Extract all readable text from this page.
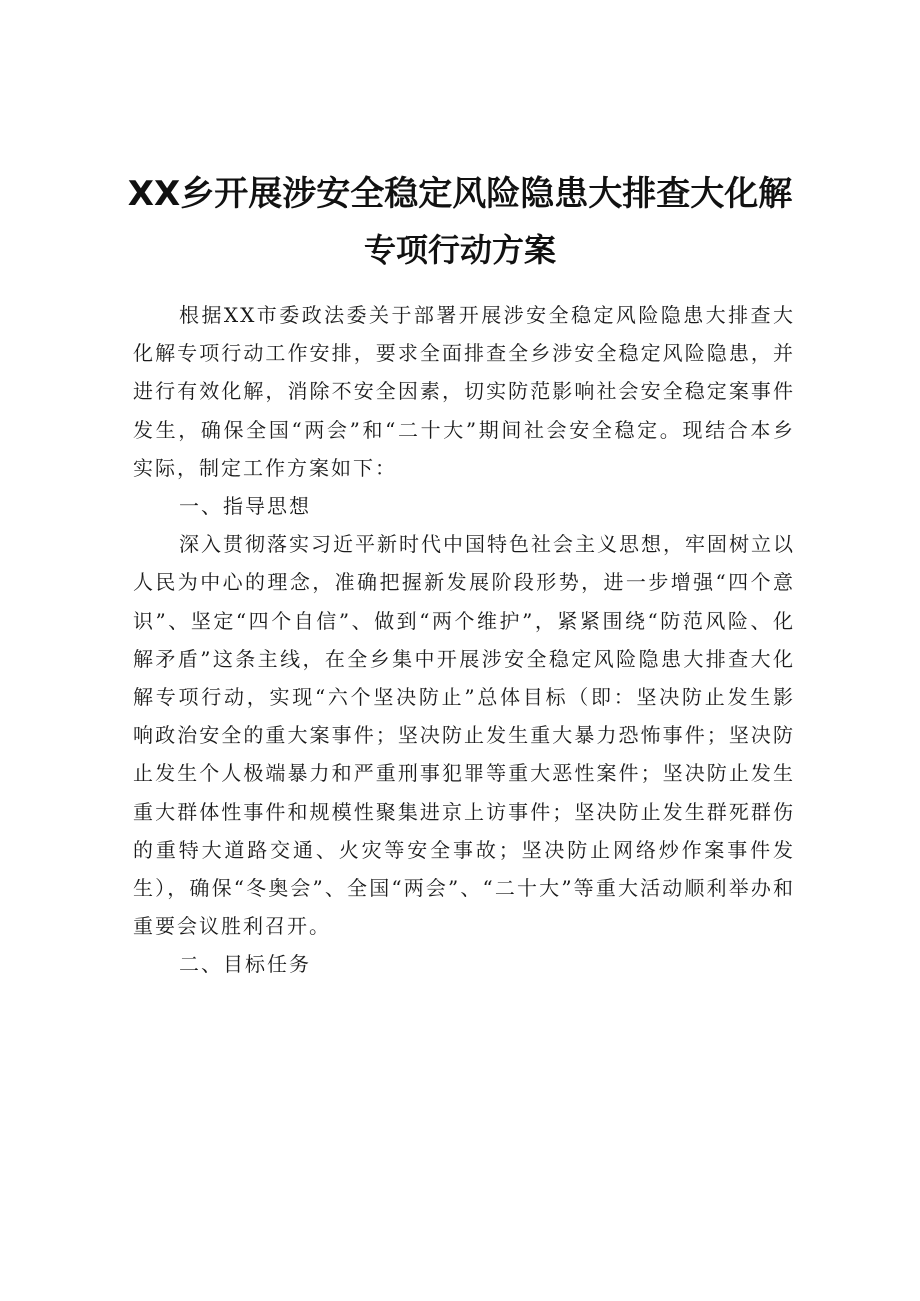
XX乡开展涉安全稳定风险隐患大排查大化解
专项行动方案

根据XX市委政法委关于部署开展涉安全稳定风险隐患大排查大化解专项行动工作安排，要求全面排查全乡涉安全稳定风险隐患，并进行有效化解，消除不安全因素，切实防范影响社会安全稳定案事件发生，确保全国“两会”和“二十大”期间社会安全稳定。现结合本乡实际，制定工作方案如下：

一、指导思想

深入贯彻落实习近平新时代中国特色社会主义思想，牢固树立以人民为中心的理念，准确把握新发展阶段形势，进一步增强“四个意识”、坚定“四个自信”、做到“两个维护”，紧紧围绕“防范风险、化解矛盾”这条主线，在全乡集中开展涉安全稳定风险隐患大排查大化解专项行动，实现“六个坚决防止”总体目标（即：坚决防止发生影响政治安全的重大案事件；坚决防止发生重大暴力恐怖事件；坚决防止发生个人极端暴力和严重刑事犯罪等重大恶性案件；坚决防止发生重大群体性事件和规模性聚集进京上访事件；坚决防止发生群死群伤的重特大道路交通、火灾等安全事故；坚决防止网络炒作案事件发生），确保“冬奥会”、全国“两会”、“二十大”等重大活动顺利举办和重要会议胜利召开。

二、目标任务
